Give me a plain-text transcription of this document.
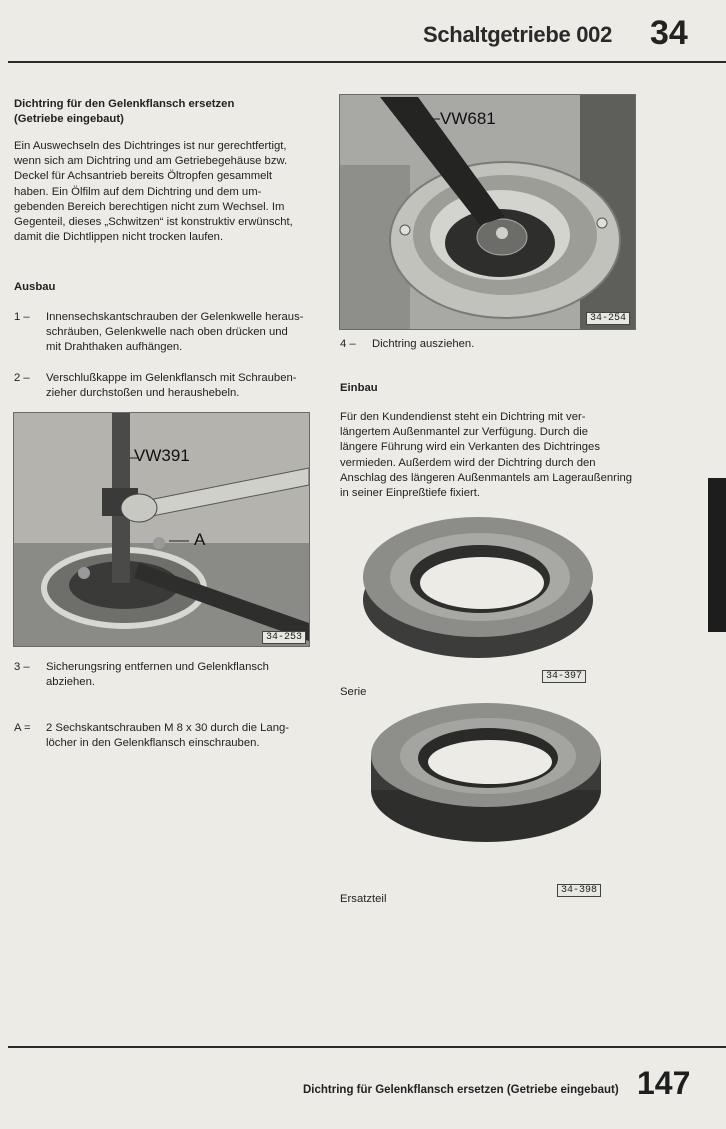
Schaltgetriebe 002 34
Dichtring für den Gelenkflansch ersetzen
(Getriebe eingebaut)
Ein Auswechseln des Dichtringes ist nur gerechtfertigt,
wenn sich am Dichtring und am Getriebegehäuse bzw.
Deckel für Achsantrieb bereits Öltropfen gesammelt
haben. Ein Ölfilm auf dem Dichtring und dem um-
gebenden Bereich berechtigen nicht zum Wechsel. Im
Gegenteil, dieses „Schwitzen“ ist konstruktiv erwünscht,
damit die Dichtlippen nicht trocken laufen.
Ausbau
1 –	Innensechskantschrauben der Gelenkwelle heraus-
schräuben, Gelenkwelle nach oben drücken und
mit Drahthaken aufhängen.
2 –	Verschlußkappe im Gelenkflansch mit Schrauben-
zieher durchstoßen und heraushebeln.
VW391
A
34-253
3 –	Sicherungsring entfernen und Gelenkflansch
abziehen.
A =	2 Sechskantschrauben M 8 x 30 durch die Lang-
löcher in den Gelenkflansch einschrauben.
VW681
34-254
4 –	Dichtring ausziehen.
Einbau
Für den Kundendienst steht ein Dichtring mit ver-
längertem Außenmantel zur Verfügung. Durch die
längere Führung wird ein Verkanten des Dichtringes
vermieden. Außerdem wird der Dichtring durch den
Anschlag des längeren Außenmantels am Lageraußenring
in seiner Einpreßtiefe fixiert.
34-397
Serie
34-398
Ersatzteil
Dichtring für Gelenkflansch ersetzen (Getriebe eingebaut) 147
